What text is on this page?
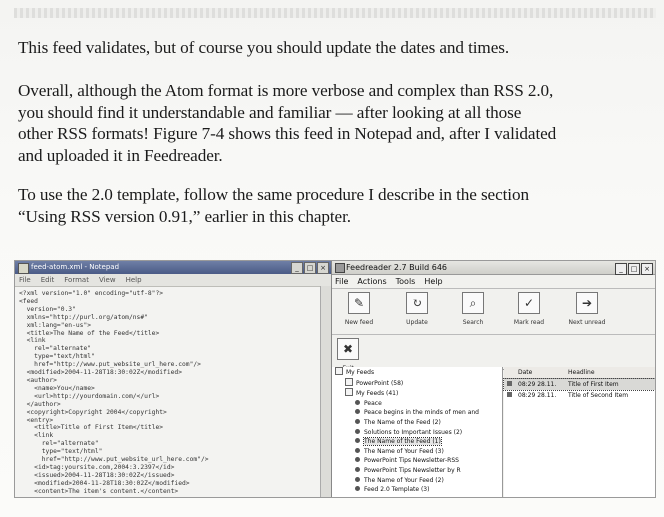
This feed validates, but of course you should update the dates and times.
Overall, although the Atom format is more verbose and complex than RSS 2.0,
you should find it understandable and familiar — after looking at all those
other RSS formats! Figure 7-4 shows this feed in Notepad and, after I validated
and uploaded it in Feedreader.
To use the 2.0 template, follow the same procedure I describe in the section
“Using RSS version 0.91,” earlier in this chapter.
feed-atom.xml - Notepad	_ □ ×
File Edit Format View Help
<?xml version="1.0" encoding="utf-8"?>
<feed
version="0.3"
xmlns="http://purl.org/atom/ns#"
xml:lang="en-us">
<title>The Name of the Feed</title>
<link
rel="alternate"
type="text/html"
href="http://www.put_website_url_here.com"/>
<modified>2004-11-28T18:30:02Z</modified>
<author>
<name>You</name>
<url>http://yourdomain.com/</url>
</author>
<copyright>Copyright 2004</copyright>
<entry>
<title>Title of First Item</title>
<link
rel="alternate"
type="text/html"
href="http://www.put_website_url_here.com"/>
<id>tag:yoursite.com,2004:3.2397</id>
<issued>2004-11-28T18:30:02Z</issued>
<modified>2004-11-28T18:30:02Z</modified>
<content>The item's content.</content>
Feedreader 2.7 Build 646	_ □ ×
File Actions Tools Help
✎
New feed
↻
Update
⌕
Search
✓
Mark read
➔
Next unread
✖
My Feeds
PowerPoint (58)
My Feeds (41)
Peace
Peace begins in the minds of men and
The Name of the Feed (2)
Solutions to Important Issues (2)
The Name of the Feed (1)
The Name of Your Feed (3)
PowerPoint Tips Newsletter-RSS
PowerPoint Tips Newsletter by R
The Name of Your Feed (2)
Feed 2.0 Template (3)
Date	Headline
08:29 28.11. Title of First Item
08:29 28.11. Title of Second Item
